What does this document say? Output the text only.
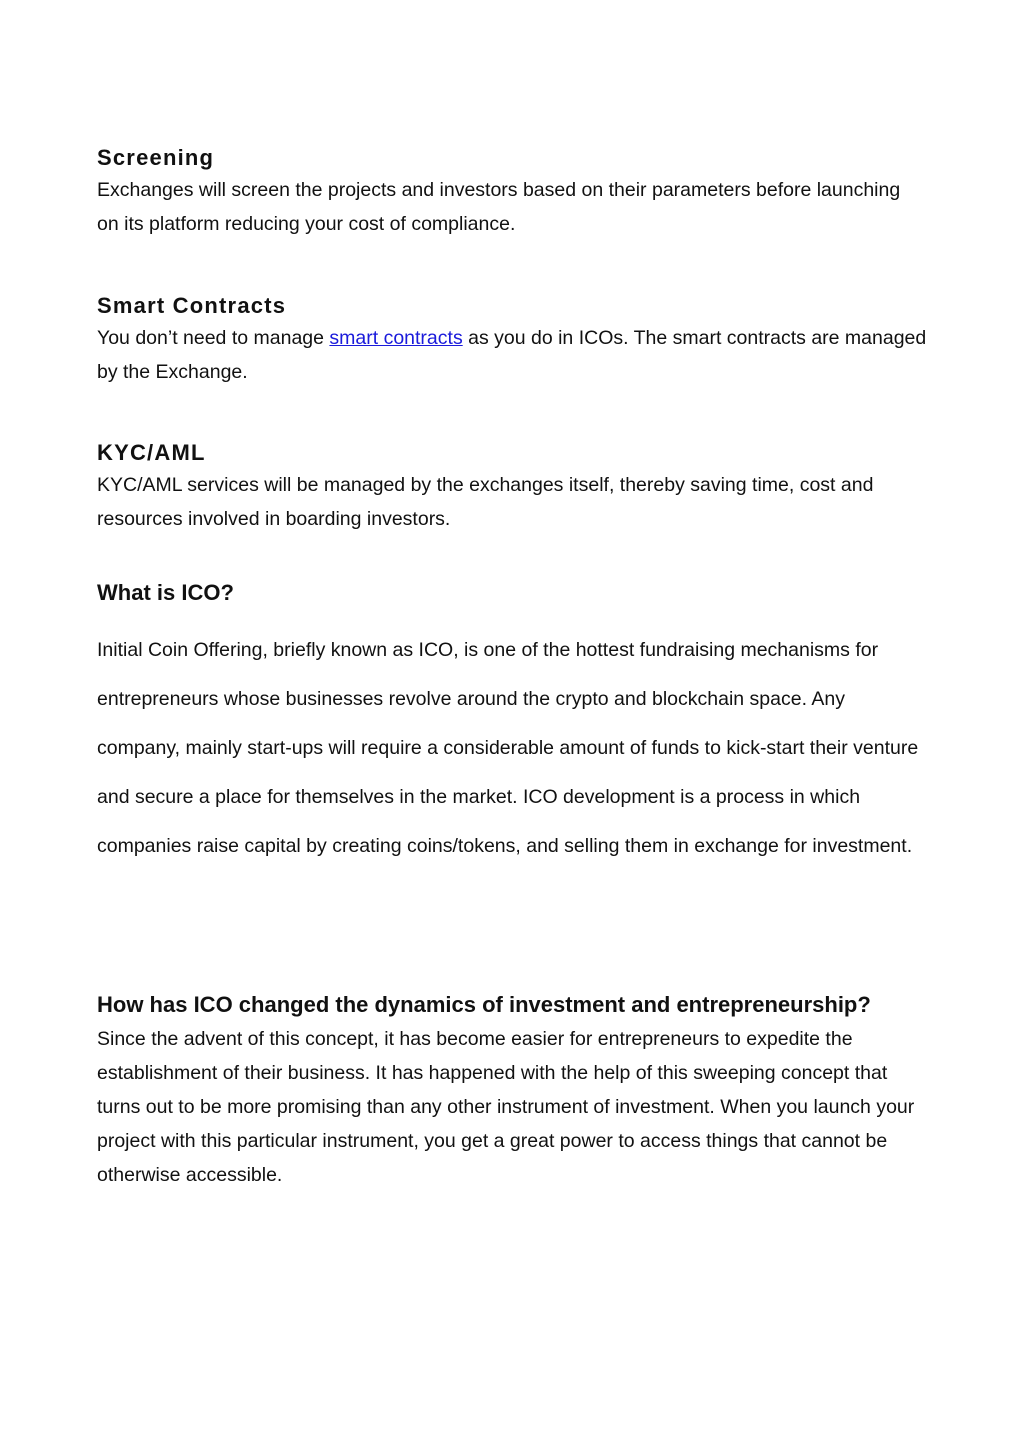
Screening

Exchanges will screen the projects and investors based on their parameters before launching on its platform reducing your cost of compliance.

Smart Contracts

You don’t need to manage smart contracts as you do in ICOs. The smart contracts are managed by the Exchange.

KYC/AML

KYC/AML services will be managed by the exchanges itself, thereby saving time, cost and resources involved in boarding investors.

What is ICO?

Initial Coin Offering, briefly known as ICO, is one of the hottest fundraising mechanisms for entrepreneurs whose businesses revolve around the crypto and blockchain space. Any company, mainly start-ups will require a considerable amount of funds to kick-start their venture and secure a place for themselves in the market. ICO development is a process in which companies raise capital by creating coins/tokens, and selling them in exchange for investment.

How has ICO changed the dynamics of investment and entrepreneurship?

Since the advent of this concept, it has become easier for entrepreneurs to expedite the establishment of their business. It has happened with the help of this sweeping concept that turns out to be more promising than any other instrument of investment. When you launch your project with this particular instrument, you get a great power to access things that cannot be otherwise accessible.
